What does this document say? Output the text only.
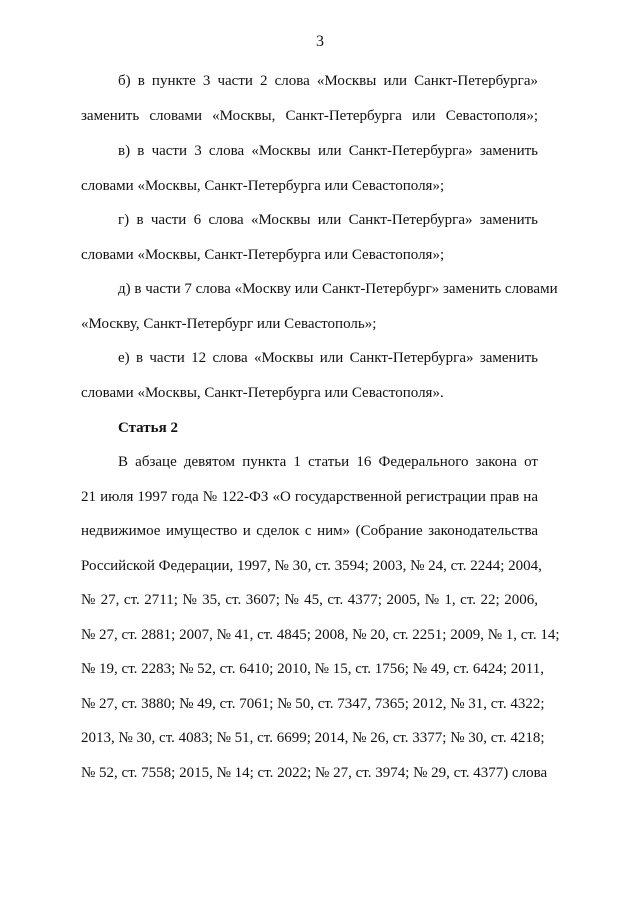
3
б) в пункте 3 части 2 слова «Москвы или Санкт-Петербурга»
заменить словами «Москвы, Санкт-Петербурга или Севастополя»;
в) в части 3 слова «Москвы или Санкт-Петербурга» заменить
словами «Москвы, Санкт-Петербурга или Севастополя»;
г) в части 6 слова «Москвы или Санкт-Петербурга» заменить
словами «Москвы, Санкт-Петербурга или Севастополя»;
д) в части 7 слова «Москву или Санкт-Петербург» заменить словами
«Москву, Санкт-Петербург или Севастополь»;
е) в части 12 слова «Москвы или Санкт-Петербурга» заменить
словами «Москвы, Санкт-Петербурга или Севастополя».
Статья 2
В абзаце девятом пункта 1 статьи 16 Федерального закона от
21 июля 1997 года № 122-ФЗ «О государственной регистрации прав на
недвижимое имущество и сделок с ним» (Собрание законодательства
Российской Федерации, 1997, № 30, ст. 3594; 2003, № 24, ст. 2244; 2004,
№ 27, ст. 2711; № 35, ст. 3607; № 45, ст. 4377; 2005, № 1, ст. 22; 2006,
№ 27, ст. 2881; 2007, № 41, ст. 4845; 2008, № 20, ст. 2251; 2009, № 1, ст. 14;
№ 19, ст. 2283; № 52, ст. 6410; 2010, № 15, ст. 1756; № 49, ст. 6424; 2011,
№ 27, ст. 3880; № 49, ст. 7061; № 50, ст. 7347, 7365; 2012, № 31, ст. 4322;
2013, № 30, ст. 4083; № 51, ст. 6699; 2014, № 26, ст. 3377; № 30, ст. 4218;
№ 52, ст. 7558; 2015, № 14; ст. 2022; № 27, ст. 3974; № 29, ст. 4377) слова
